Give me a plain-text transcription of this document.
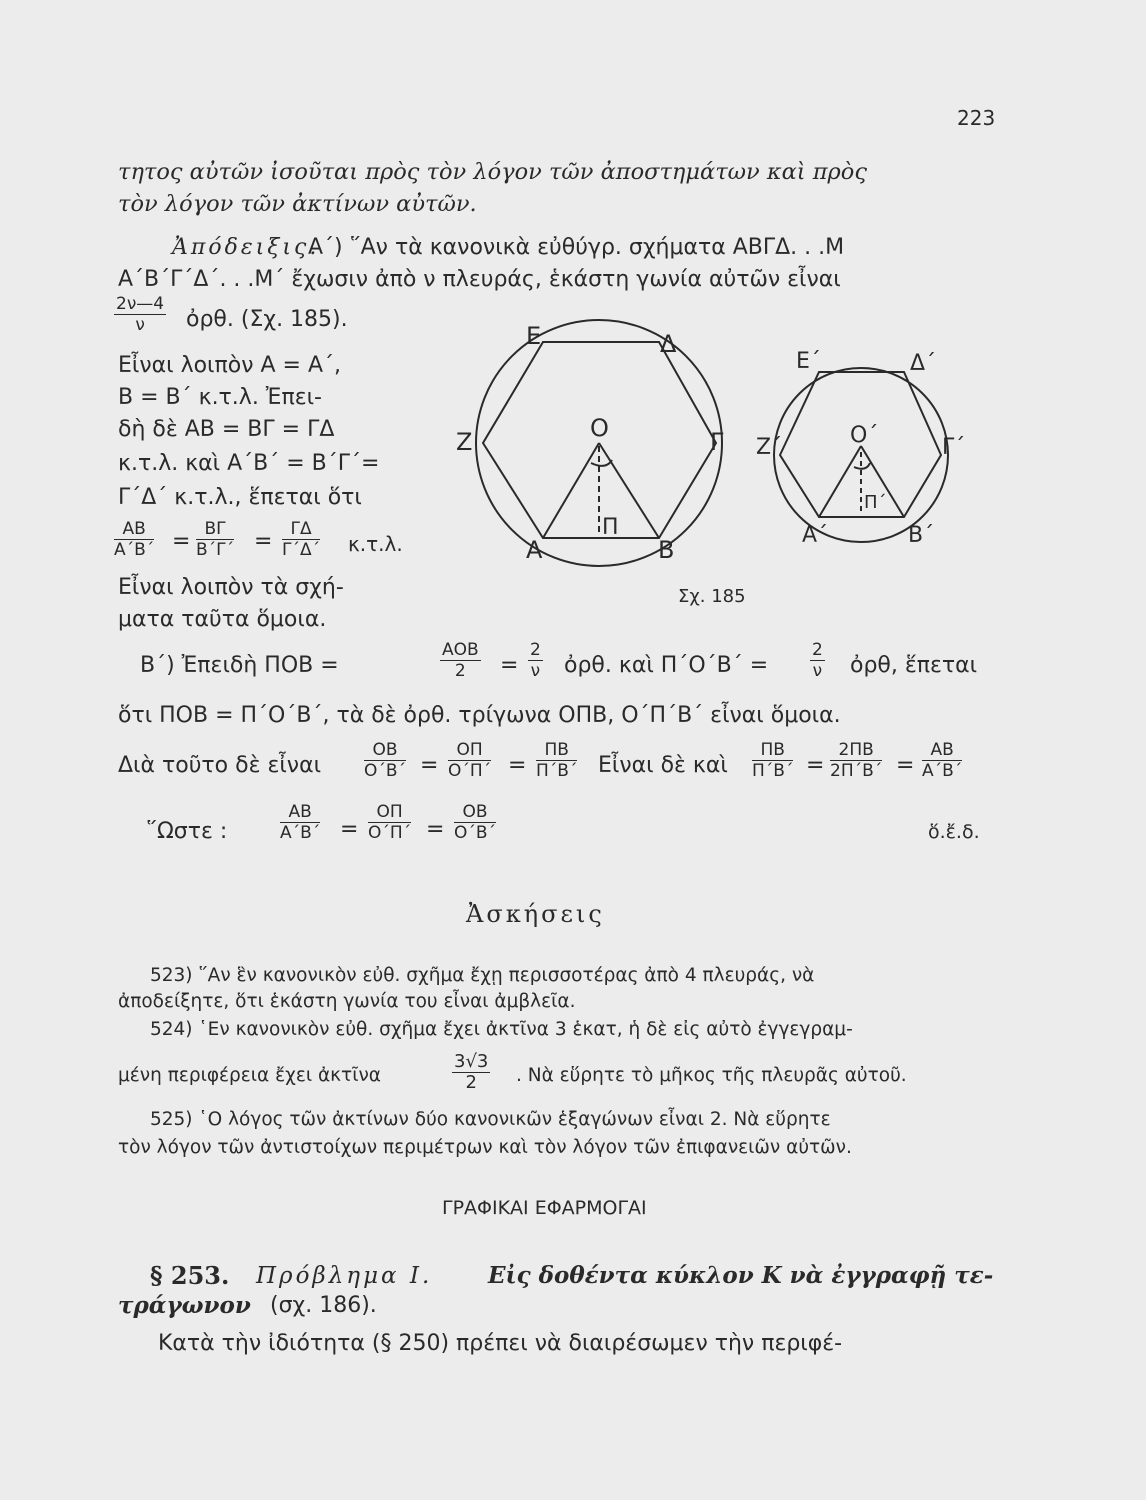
223
τητος αὐτῶν ἰσοῦται πρὸς τὸν λόγον τῶν ἀποστημάτων καὶ πρὸς
τὸν λόγον τῶν ἀκτίνων αὐτῶν.
Ἀπόδειξις.
Α΄) ῞Αν τὰ κανονικὰ εὐθύγρ. σχήματα ΑΒΓΔ. . .Μ
Α΄Β΄Γ΄Δ΄. . .Μ΄ ἔχωσιν ἀπὸ ν πλευράς, ἑκάστη γωνία αὐτῶν εἶναι
$\frac{2\nu—4}{\nu}$ ὀρθ. (Σχ. 185).
Εἶναι λοιπὸν Α = Α΄,
Β = Β΄ κ.τ.λ. Ἐπει-
δὴ δὲ ΑΒ = ΒΓ = ΓΔ
κ.τ.λ. καὶ Α΄Β΄ = Β΄Γ΄=
Γ΄Δ΄ κ.τ.λ., ἕπεται ὅτι
$\frac{AB}{A΄B΄} = \frac{B\Gamma}{B΄\Gamma΄} = \frac{\Gamma\Delta}{\Gamma΄\Delta΄} \kappa.\tau.\lambda$.
Εἶναι λοιπὸν τὰ σχή-
ματα ταῦτα ὅμοια.
Ε	Δ
Ζ	Ο	Γ
Π
Α	Β
Ε΄	Δ΄
Ζ΄	Ο΄	Γ΄
Π΄
Α΄	Β΄
Σχ. 185
Β΄) Ἐπειδὴ ΠΟΒ =
ΑΟΒ
2	= $\frac{2}{\nu}$ ὀρθ. καὶ $\Pi΄O΄B΄ = \frac{2}{\nu}$ ὀρθ, ἕπεται
ὅτι ΠΟΒ = Π΄Ο΄Β΄, τὰ δὲ ὀρθ. τρίγωνα ΟΠΒ, Ο΄Π΄Β΄ εἶναι ὅμοια.
Διὰ τοῦτο δὲ εἶναι	$\frac{OB}{O΄B΄} = \frac{O\Pi}{O΄\Pi΄} = \frac{\Pi B}{\Pi΄B΄}$ Εἶναι δὲ καὶ $\frac{\Pi B}{\Pi΄B΄} = \frac{2\Pi B}{2\Pi΄B΄} = \frac{AB}{A΄B΄}$
῞Ωστε :	$\frac{AB}{A΄B΄} = \frac{O\Pi}{O΄\Pi΄} = \frac{OB}{O΄B΄}$	ὅ.ἔ.δ.
Ἀσκήσεις
523) ῞Αν ἓν κανονικὸν εὐθ. σχῆμα ἔχῃ περισσοτέρας ἀπὸ 4 πλευράς, νὰ
ἀποδείξητε, ὅτι ἑκάστη γωνία του εἶναι ἀμβλεῖα.
524) ῾Εν κανονικὸν εὐθ. σχῆμα ἔχει ἀκτῖνα 3 ἑκατ, ἡ δὲ εἰς αὐτὸ ἐγγεγραμ-
μένη περιφέρεια ἔχει ἀκτῖνα	$\frac{3√3}{2}$ . Νὰ εὕρητε τὸ μῆκος τῆς πλευρᾶς αὐτοῦ.
525) ῾Ο λόγος τῶν ἀκτίνων δύο κανονικῶν ἑξαγώνων εἶναι 2. Νὰ εὕρητε
τὸν λόγον τῶν ἀντιστοίχων περιμέτρων καὶ τὸν λόγον τῶν ἐπιφανειῶν αὐτῶν.
ΓΡΑΦΙΚΑΙ ΕΦΑΡΜΟΓΑΙ
§ 253. Πρόβλημα Ι. Εἰς δοθέντα κύκλον Κ νὰ ἐγγραφῇ τε-
τράγωνον (σχ. 186).
Κατὰ τὴν ἰδιότητα (§ 250) πρέπει νὰ διαιρέσωμεν τὴν περιφέ-
